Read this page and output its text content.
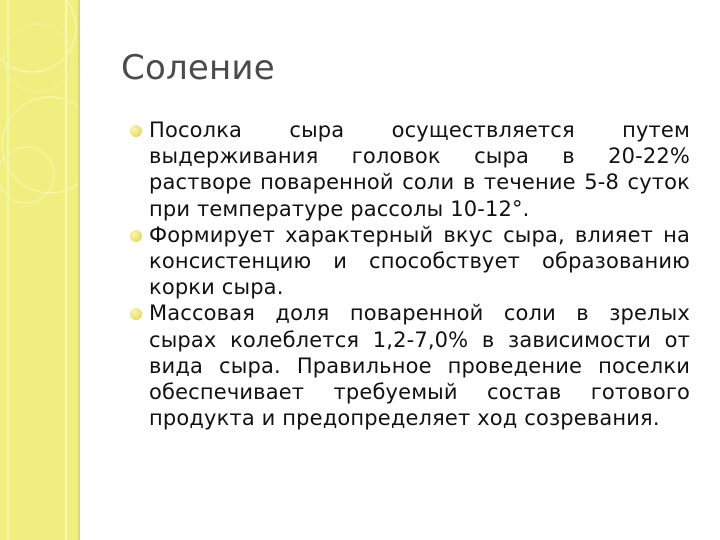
Соление
Посолка сыра осуществляется путем выдерживания головок сыра в 20-22% растворе поваренной соли в течение 5-8 суток при температуре рассолы 10-12°.
Формирует характерный вкус сыра, влияет на консистенцию и способствует образованию корки сыра.
Массовая доля поваренной соли в зрелых сырах колеблется 1,2-7,0% в зависимости от вида сыра. Правильное проведение поселки обеспечивает требуемый состав готового продукта и предопределяет ход созревания.
